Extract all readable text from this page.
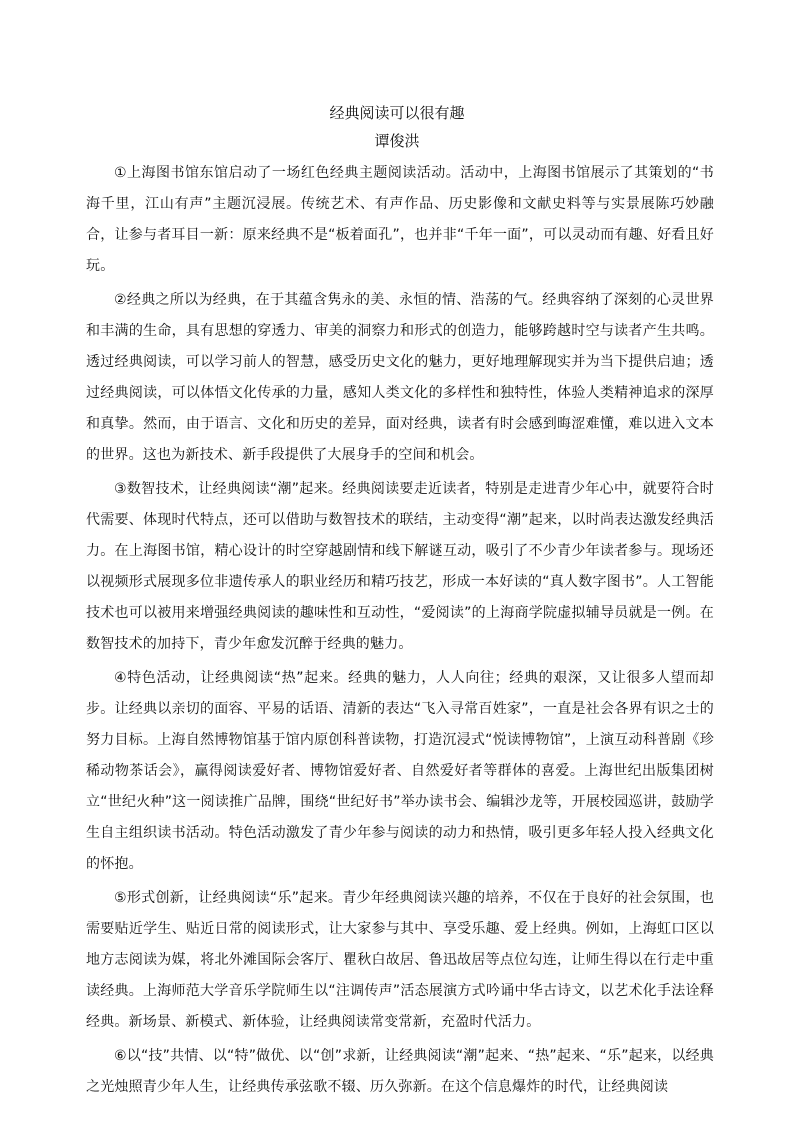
经典阅读可以很有趣
谭俊洪

①上海图书馆东馆启动了一场红色经典主题阅读活动。活动中，上海图书馆展示了其策划的“书海千里，江山有声”主题沉浸展。传统艺术、有声作品、历史影像和文献史料等与实景展陈巧妙融合，让参与者耳目一新：原来经典不是“板着面孔”，也并非“千年一面”，可以灵动而有趣、好看且好玩。

②经典之所以为经典，在于其蕴含隽永的美、永恒的情、浩荡的气。经典容纳了深刻的心灵世界和丰满的生命，具有思想的穿透力、审美的洞察力和形式的创造力，能够跨越时空与读者产生共鸣。透过经典阅读，可以学习前人的智慧，感受历史文化的魅力，更好地理解现实并为当下提供启迪；透过经典阅读，可以体悟文化传承的力量，感知人类文化的多样性和独特性，体验人类精神追求的深厚和真挚。然而，由于语言、文化和历史的差异，面对经典，读者有时会感到晦涩难懂，难以进入文本的世界。这也为新技术、新手段提供了大展身手的空间和机会。

③数智技术，让经典阅读“潮”起来。经典阅读要走近读者，特别是走进青少年心中，就要符合时代需要、体现时代特点，还可以借助与数智技术的联结，主动变得“潮”起来，以时尚表达激发经典活力。在上海图书馆，精心设计的时空穿越剧情和线下解谜互动，吸引了不少青少年读者参与。现场还以视频形式展现多位非遗传承人的职业经历和精巧技艺，形成一本好读的“真人数字图书”。人工智能技术也可以被用来增强经典阅读的趣味性和互动性，“爱阅读”的上海商学院虚拟辅导员就是一例。在数智技术的加持下，青少年愈发沉醉于经典的魅力。

④特色活动，让经典阅读“热”起来。经典的魅力，人人向往；经典的艰深，又让很多人望而却步。让经典以亲切的面容、平易的话语、清新的表达“飞入寻常百姓家”，一直是社会各界有识之士的努力目标。上海自然博物馆基于馆内原创科普读物，打造沉浸式“悦读博物馆”，上演互动科普剧《珍稀动物茶话会》，赢得阅读爱好者、博物馆爱好者、自然爱好者等群体的喜爱。上海世纪出版集团树立“世纪火种”这一阅读推广品牌，围绕“世纪好书”举办读书会、编辑沙龙等，开展校园巡讲，鼓励学生自主组织读书活动。特色活动激发了青少年参与阅读的动力和热情，吸引更多年轻人投入经典文化的怀抱。

⑤形式创新，让经典阅读“乐”起来。青少年经典阅读兴趣的培养，不仅在于良好的社会氛围，也需要贴近学生、贴近日常的阅读形式，让大家参与其中、享受乐趣、爱上经典。例如，上海虹口区以地方志阅读为媒，将北外滩国际会客厅、瞿秋白故居、鲁迅故居等点位勾连，让师生得以在行走中重读经典。上海师范大学音乐学院师生以“注调传声”活态展演方式吟诵中华古诗文，以艺术化手法诠释经典。新场景、新模式、新体验，让经典阅读常变常新，充盈时代活力。

⑥以“技”共情、以“特”做优、以“创”求新，让经典阅读“潮”起来、“热”起来、“乐”起来，以经典之光烛照青少年人生，让经典传承弦歌不辍、历久弥新。在这个信息爆炸的时代，让经典阅读
